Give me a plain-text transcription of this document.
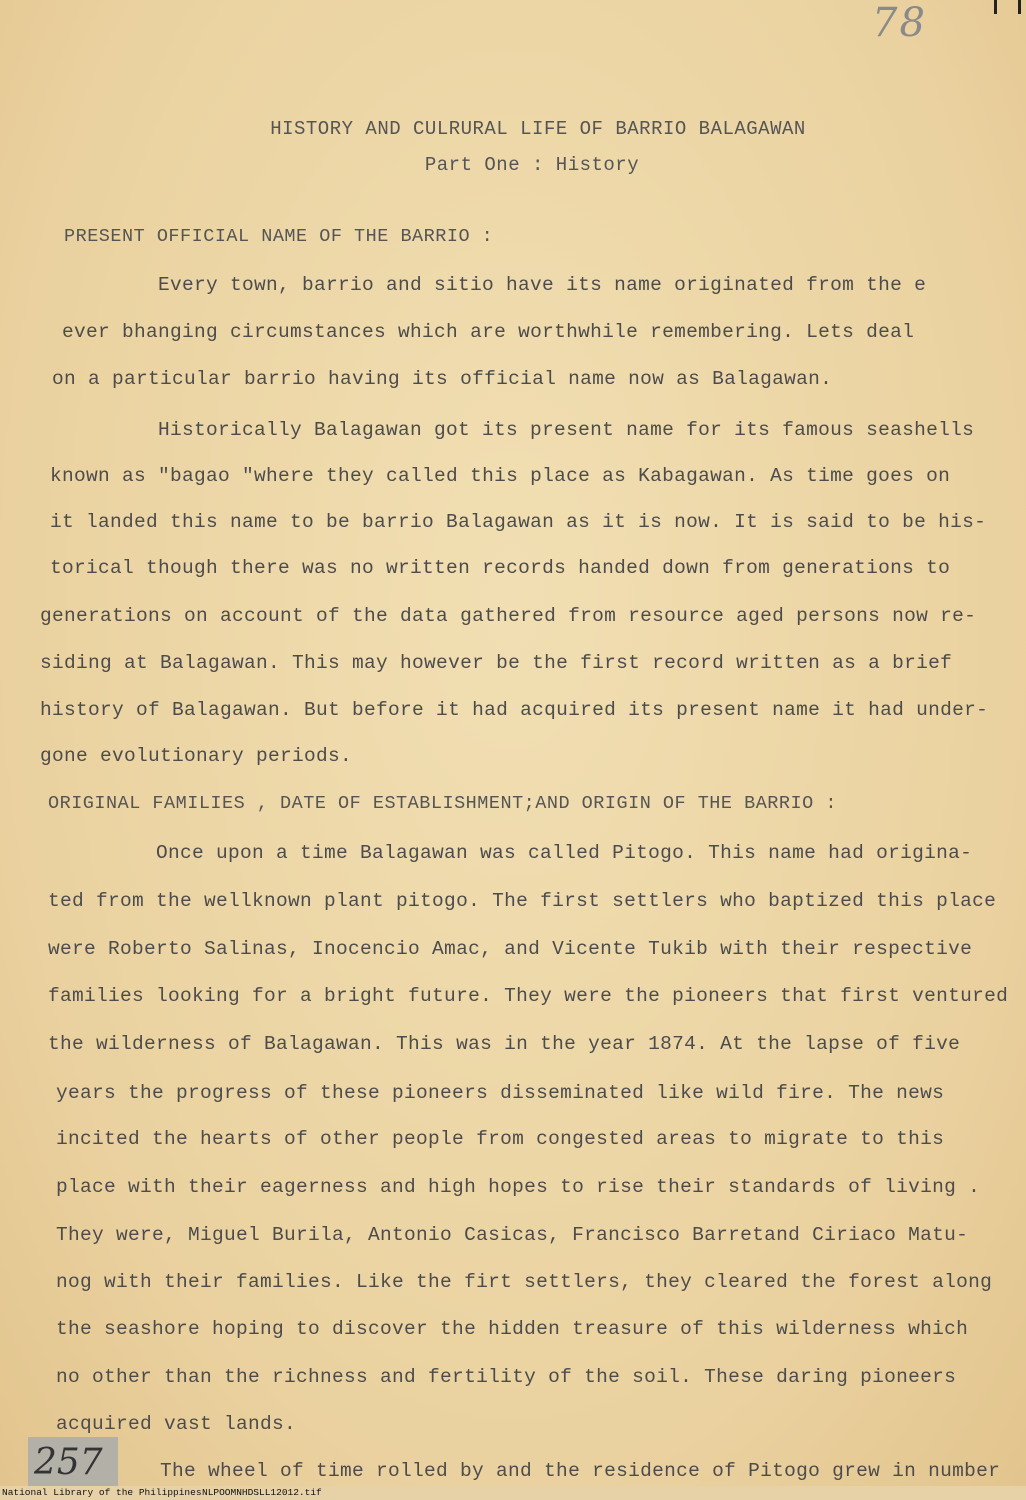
78
HISTORY AND CULRURAL LIFE OF BARRIO BALAGAWAN
Part One : History
PRESENT OFFICIAL NAME OF THE BARRIO :
Every town, barrio and sitio have its name originated from the e
ever bhanging circumstances which are worthwhile remembering. Lets deal
on a particular barrio having its official name now as Balagawan.
Historically Balagawan got its present name for its famous seashells
known as "bagao "where they called this place as Kabagawan. As time goes on
it landed this name to be barrio Balagawan as it is now. It is said to be his-
torical though there was no written records handed down from generations to
generations on account of the data gathered from resource aged persons now re-
siding at Balagawan. This may however be the first record written as a brief
history of Balagawan. But before it had acquired its present name it had under-
gone evolutionary periods.
ORIGINAL FAMILIES , DATE OF ESTABLISHMENT;AND ORIGIN OF THE BARRIO :
Once upon a time Balagawan was called Pitogo. This name had origina-
ted from the wellknown plant pitogo. The first settlers who baptized this place
were Roberto Salinas, Inocencio Amac, and Vicente Tukib with their respective
families looking for a bright future. They were the pioneers that first ventured
the wilderness of Balagawan. This was in the year 1874. At the lapse of five
years the progress of these pioneers disseminated like wild fire. The news
incited the hearts of other people from congested areas to migrate to this
place with their eagerness and high hopes to rise their standards of living .
They were, Miguel Burila, Antonio Casicas, Francisco Barretand Ciriaco Matu-
nog with their families. Like the firt settlers, they cleared the forest along
the seashore hoping to discover the hidden treasure of this wilderness which
no other than the richness and fertility of the soil. These daring pioneers
acquired vast lands.
The wheel of time rolled by and the residence of Pitogo grew in number
257
National Library of the Philippines NLPOOMNHDSLL12012.tif
